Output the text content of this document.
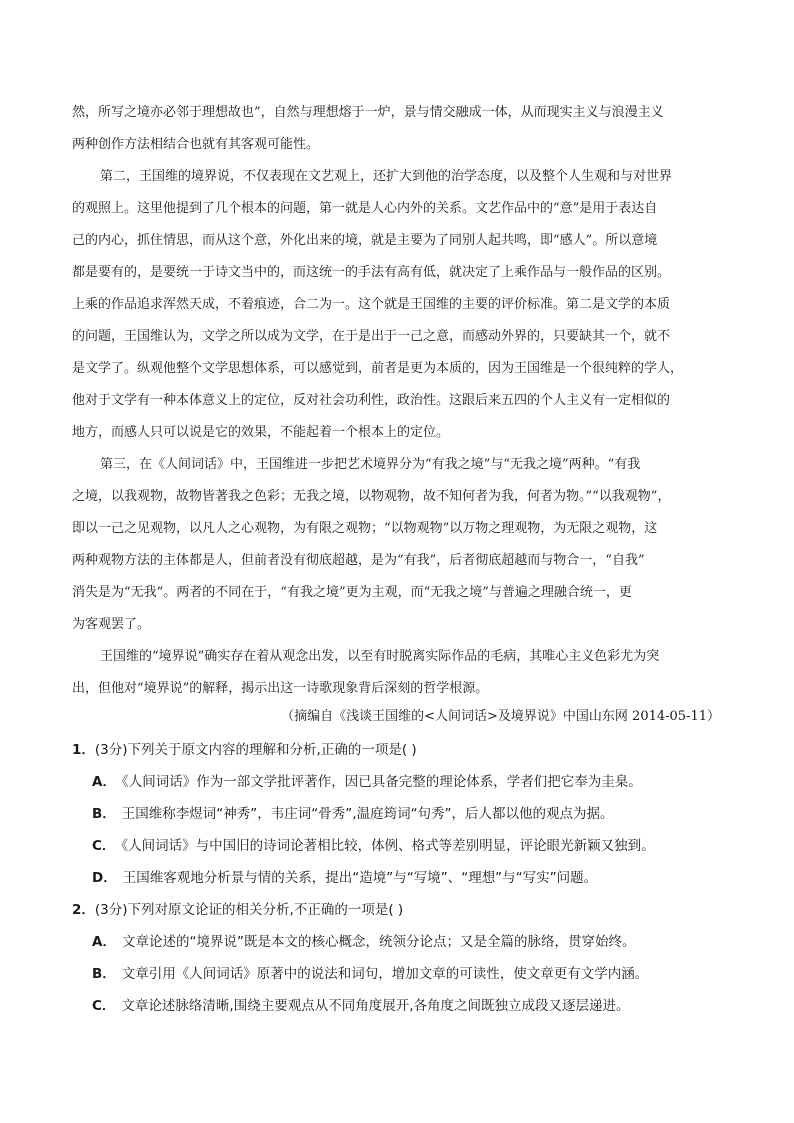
然，所写之境亦必邻于理想故也”，自然与理想熔于一炉，景与情交融成一体，从而现实主义与浪漫主义
两种创作方法相结合也就有其客观可能性。
第二，王国维的境界说，不仅表现在文艺观上，还扩大到他的治学态度，以及整个人生观和与对世界
的观照上。这里他提到了几个根本的问题，第一就是人心内外的关系。文艺作品中的“意”是用于表达自
己的内心，抓住情思，而从这个意，外化出来的境，就是主要为了同别人起共鸣，即“感人”。所以意境
都是要有的，是要统一于诗文当中的，而这统一的手法有高有低，就决定了上乘作品与一般作品的区别。
上乘的作品追求浑然天成，不着痕迹，合二为一。这个就是王国维的主要的评价标准。第二是文学的本质
的问题，王国维认为，文学之所以成为文学，在于是出于一己之意，而感动外界的，只要缺其一个，就不
是文学了。纵观他整个文学思想体系，可以感觉到，前者是更为本质的，因为王国维是一个很纯粹的学人，
他对于文学有一种本体意义上的定位，反对社会功利性，政治性。这跟后来五四的个人主义有一定相似的
地方，而感人只可以说是它的效果，不能起着一个根本上的定位。
第三，在《人间词话》中，王国维进一步把艺术境界分为“有我之境”与“无我之境”两种。“有我
之境，以我观物，故物皆著我之色彩；无我之境，以物观物，故不知何者为我，何者为物。”“以我观物”，
即以一己之见观物，以凡人之心观物，为有限之观物；“以物观物”以万物之理观物，为无限之观物，这
两种观物方法的主体都是人，但前者没有彻底超越，是为“有我”，后者彻底超越而与物合一，“自我”
消失是为“无我”。两者的不同在于，“有我之境”更为主观，而“无我之境”与普遍之理融合统一，更
为客观罢了。
王国维的“境界说”确实存在着从观念出发，以至有时脱离实际作品的毛病，其唯心主义色彩尤为突
出，但他对“境界说”的解释，揭示出这一诗歌现象背后深刻的哲学根源。
（摘编自《浅谈王国维的<人间词话>及境界说》中国山东网 2014-05-11）
1．(3分)下列关于原文内容的理解和分析,正确的一项是( )
A． 《人间词话》作为一部文学批评著作，因已具备完整的理论体系，学者们把它奉为圭臬。
B． 王国维称李煜词“神秀”，韦庄词“骨秀”,温庭筠词“句秀”，后人都以他的观点为据。
C． 《人间词话》与中国旧的诗词论著相比较，体例、格式等差别明显，评论眼光新颖又独到。
D． 王国维客观地分析景与情的关系，提出“造境”与“写境”、“理想”与“写实”问题。
2．(3分)下列对原文论证的相关分析,不正确的一项是( )
A． 文章论述的“境界说”既是本文的核心概念，统领分论点；又是全篇的脉络，贯穿始终。
B． 文章引用《人间词话》原著中的说法和词句，增加文章的可读性，使文章更有文学内涵。
C． 文章论述脉络清晰,围绕主要观点从不同角度展开,各角度之间既独立成段又逐层递进。
